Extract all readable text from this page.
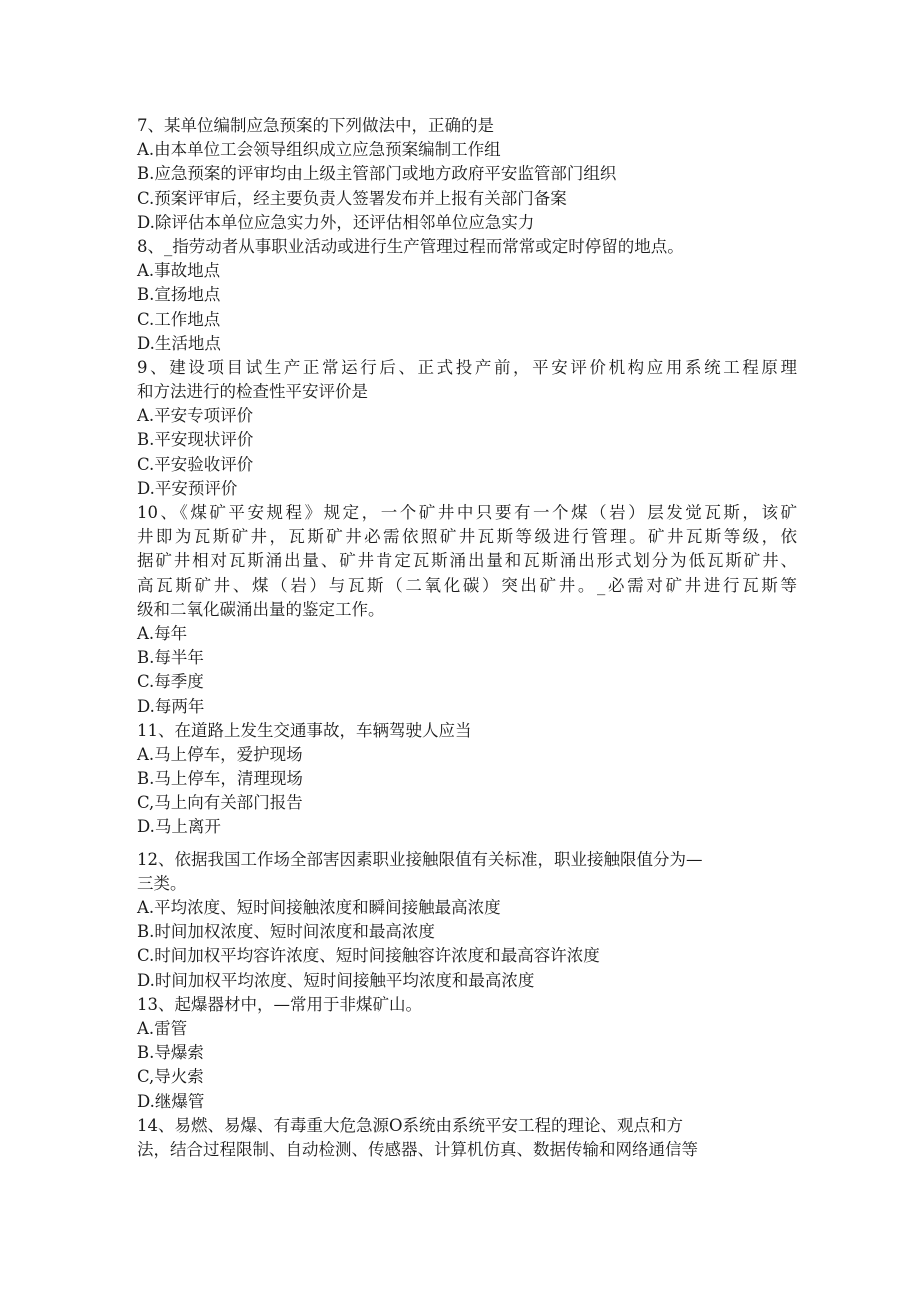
7、某单位编制应急预案的下列做法中，正确的是
A.由本单位工会领导组织成立应急预案编制工作组
B.应急预案的评审均由上级主管部门或地方政府平安监管部门组织
C.预案评审后，经主要负责人签署发布并上报有关部门备案
D.除评估本单位应急实力外，还评估相邻单位应急实力
8、_指劳动者从事职业活动或进行生产管理过程而常常或定时停留的地点。
A.事故地点
B.宣扬地点
C.工作地点
D.生活地点
9、建设项目试生产正常运行后、正式投产前，平安评价机构应用系统工程原理
和方法进行的检查性平安评价是
A.平安专项评价
B.平安现状评价
C.平安验收评价
D.平安预评价
10、《煤矿平安规程》规定，一个矿井中只要有一个煤（岩）层发觉瓦斯，该矿
井即为瓦斯矿井，瓦斯矿井必需依照矿井瓦斯等级进行管理。矿井瓦斯等级，依
据矿井相对瓦斯涌出量、矿井肯定瓦斯涌出量和瓦斯涌出形式划分为低瓦斯矿井、
高瓦斯矿井、煤（岩）与瓦斯（二氧化碳）突出矿井。_必需对矿井进行瓦斯等
级和二氧化碳涌出量的鉴定工作。
A.每年
B.每半年
C.每季度
D.每两年
11、在道路上发生交通事故，车辆驾驶人应当
A.马上停车，爱护现场
B.马上停车，清理现场
C,马上向有关部门报告
D.马上离开
12、依据我国工作场全部害因素职业接触限值有关标准，职业接触限值分为—
三类。
A.平均浓度、短时间接触浓度和瞬间接触最高浓度
B.时间加权浓度、短时间浓度和最高浓度
C.时间加权平均容许浓度、短时间接触容许浓度和最高容许浓度
D.时间加权平均浓度、短时间接触平均浓度和最高浓度
13、起爆器材中，—常用于非煤矿山。
A.雷管
B.导爆索
C,导火索
D.继爆管
14、易燃、易爆、有毒重大危急源O系统由系统平安工程的理论、观点和方
法，结合过程限制、自动检测、传感器、计算机仿真、数据传输和网络通信等
